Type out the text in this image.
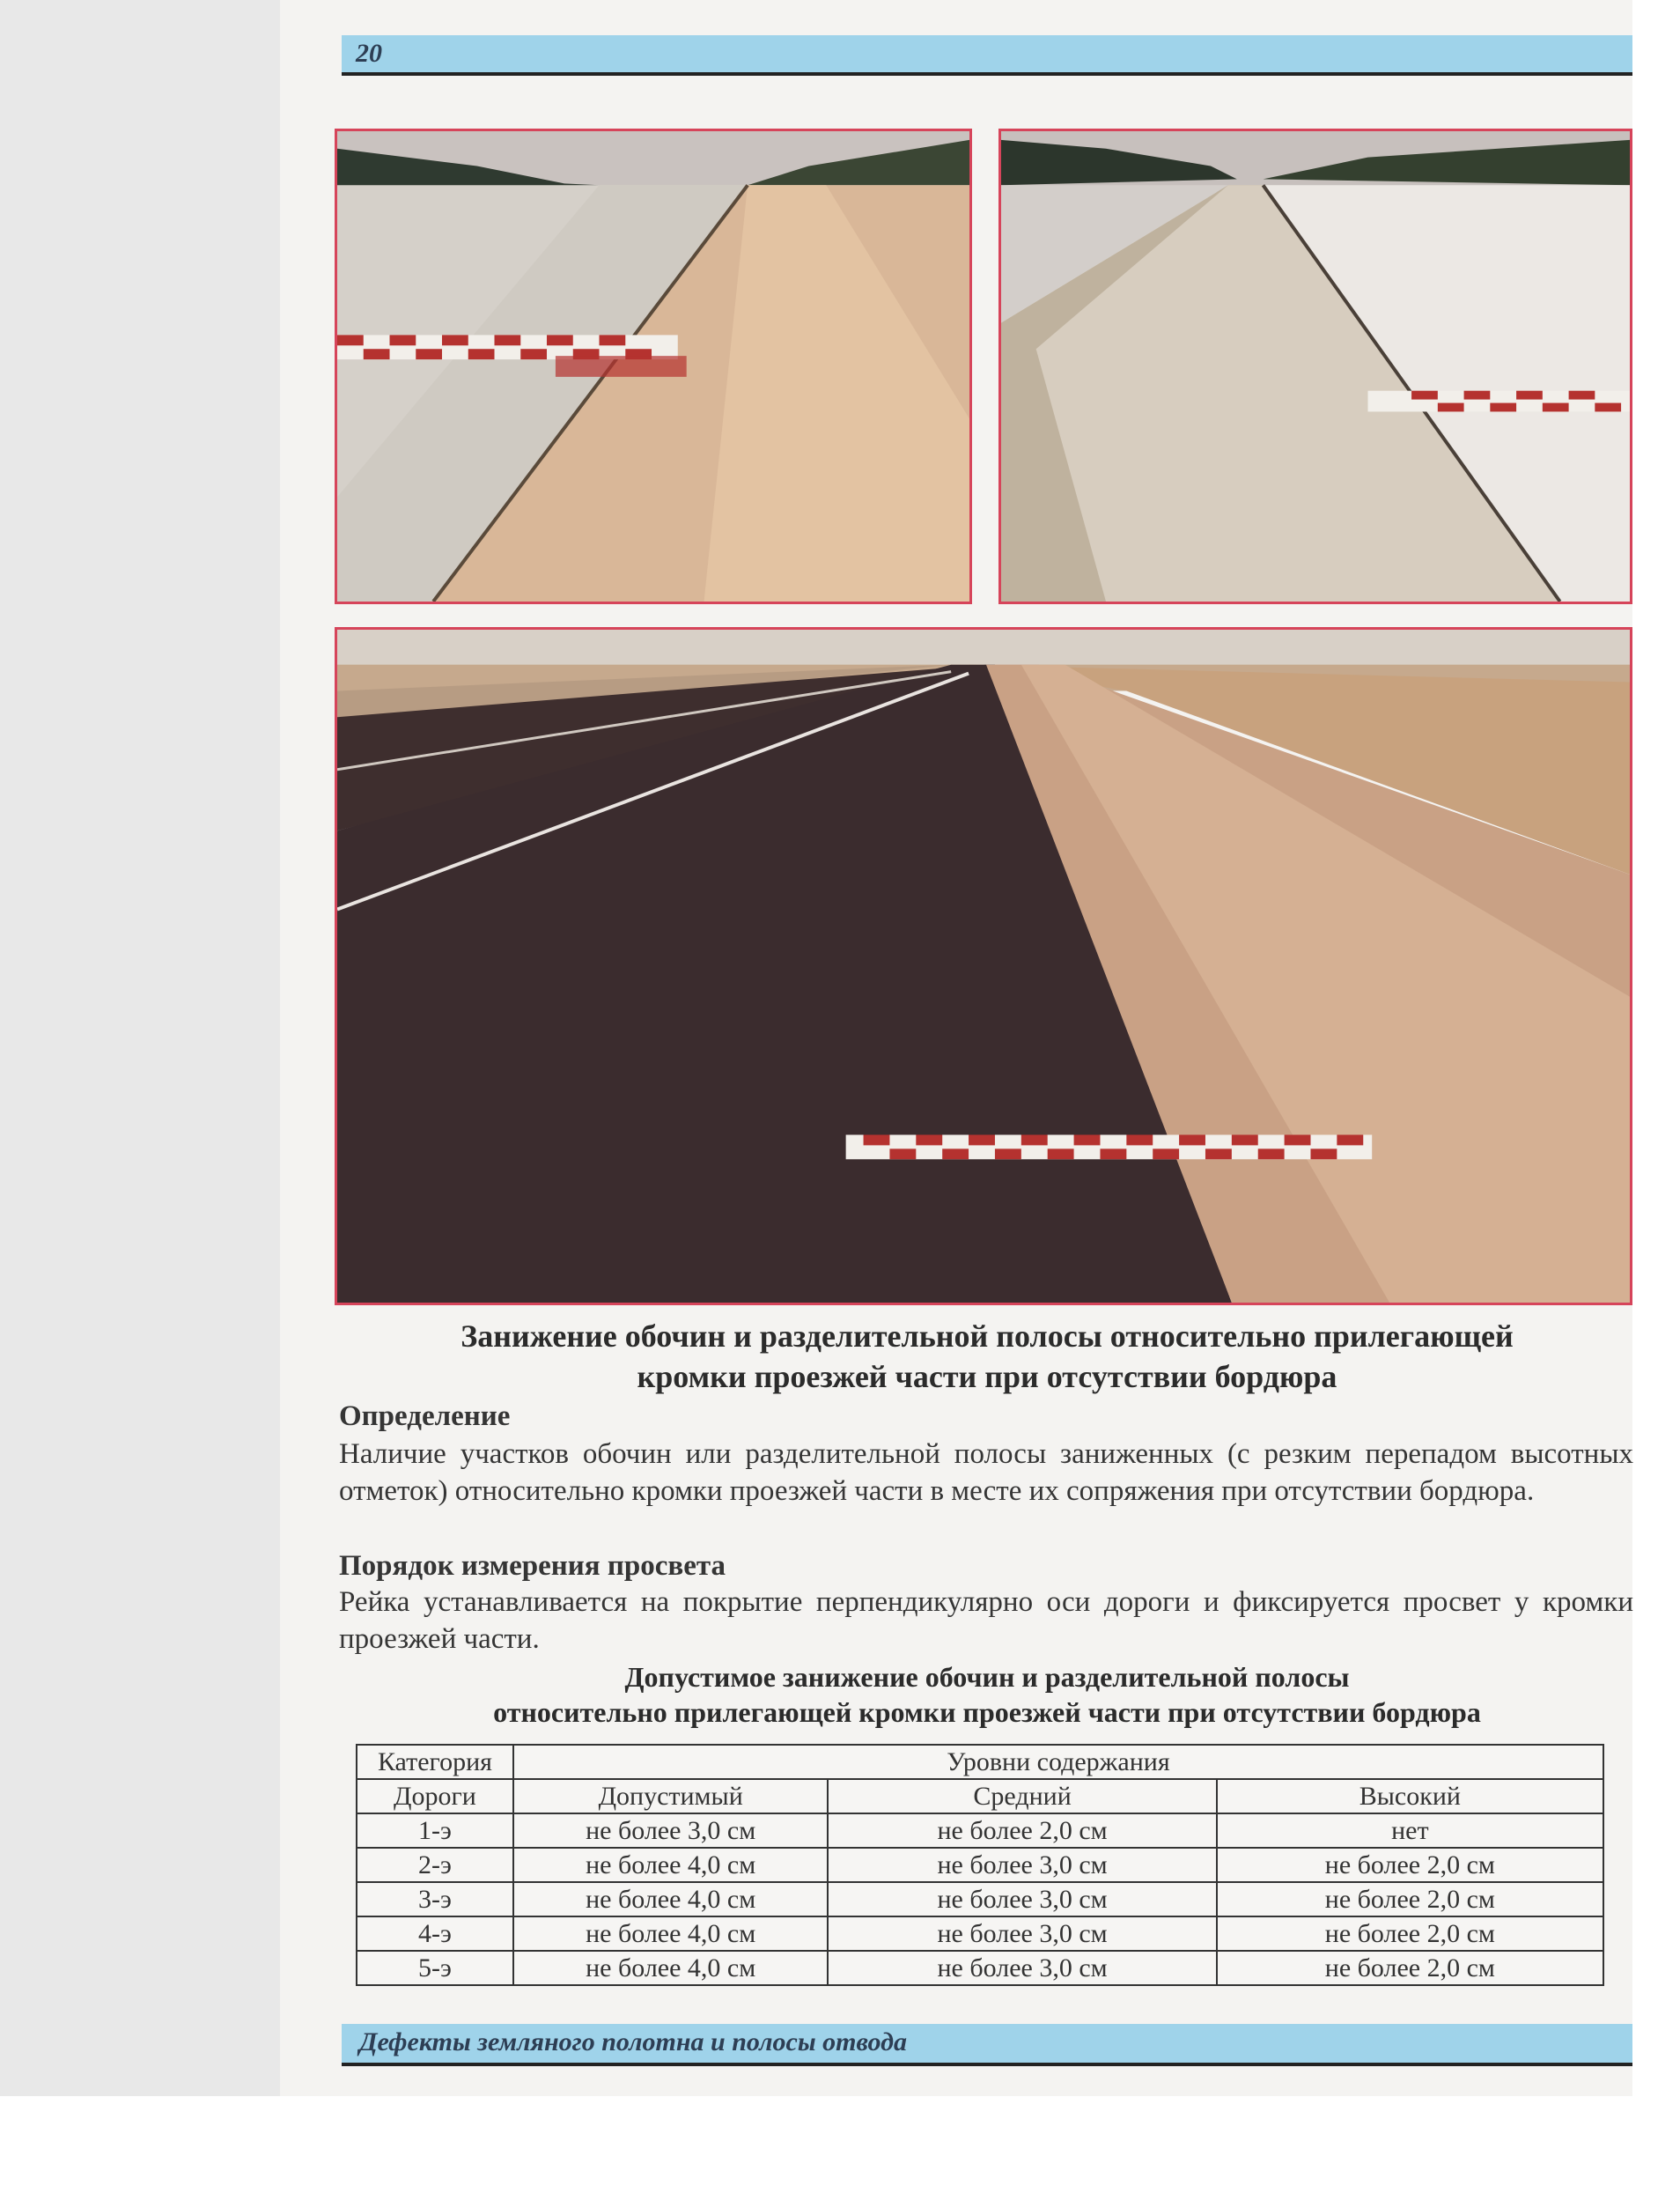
20
Занижение обочин и разделительной полосы относительно прилегающей
кромки проезжей части при отсутствии бордюра
Определение
Наличие участков обочин или разделительной полосы заниженных (с резким перепадом высотных отметок) относительно кромки проезжей части в месте их сопряжения при отсутствии бордюра.
Порядок измерения просвета
Рейка устанавливается на покрытие перпендикулярно оси дороги и фиксируется просвет у кромки проезжей части.
Допустимое занижение обочин и разделительной полосы
относительно прилегающей кромки проезжей части при отсутствии бордюра
Категория	Уровни содержания		
Дороги	Допустимый	Средний	Высокий
1-э	не более 3,0 см	не более 2,0 см	нет
2-э	не более 4,0 см	не более 3,0 см	не более 2,0 см
3-э	не более 4,0 см	не более 3,0 см	не более 2,0 см
4-э	не более 4,0 см	не более 3,0 см	не более 2,0 см
5-э	не более 4,0 см	не более 3,0 см	не более 2,0 см
Дефекты земляного полотна и полосы отвода
